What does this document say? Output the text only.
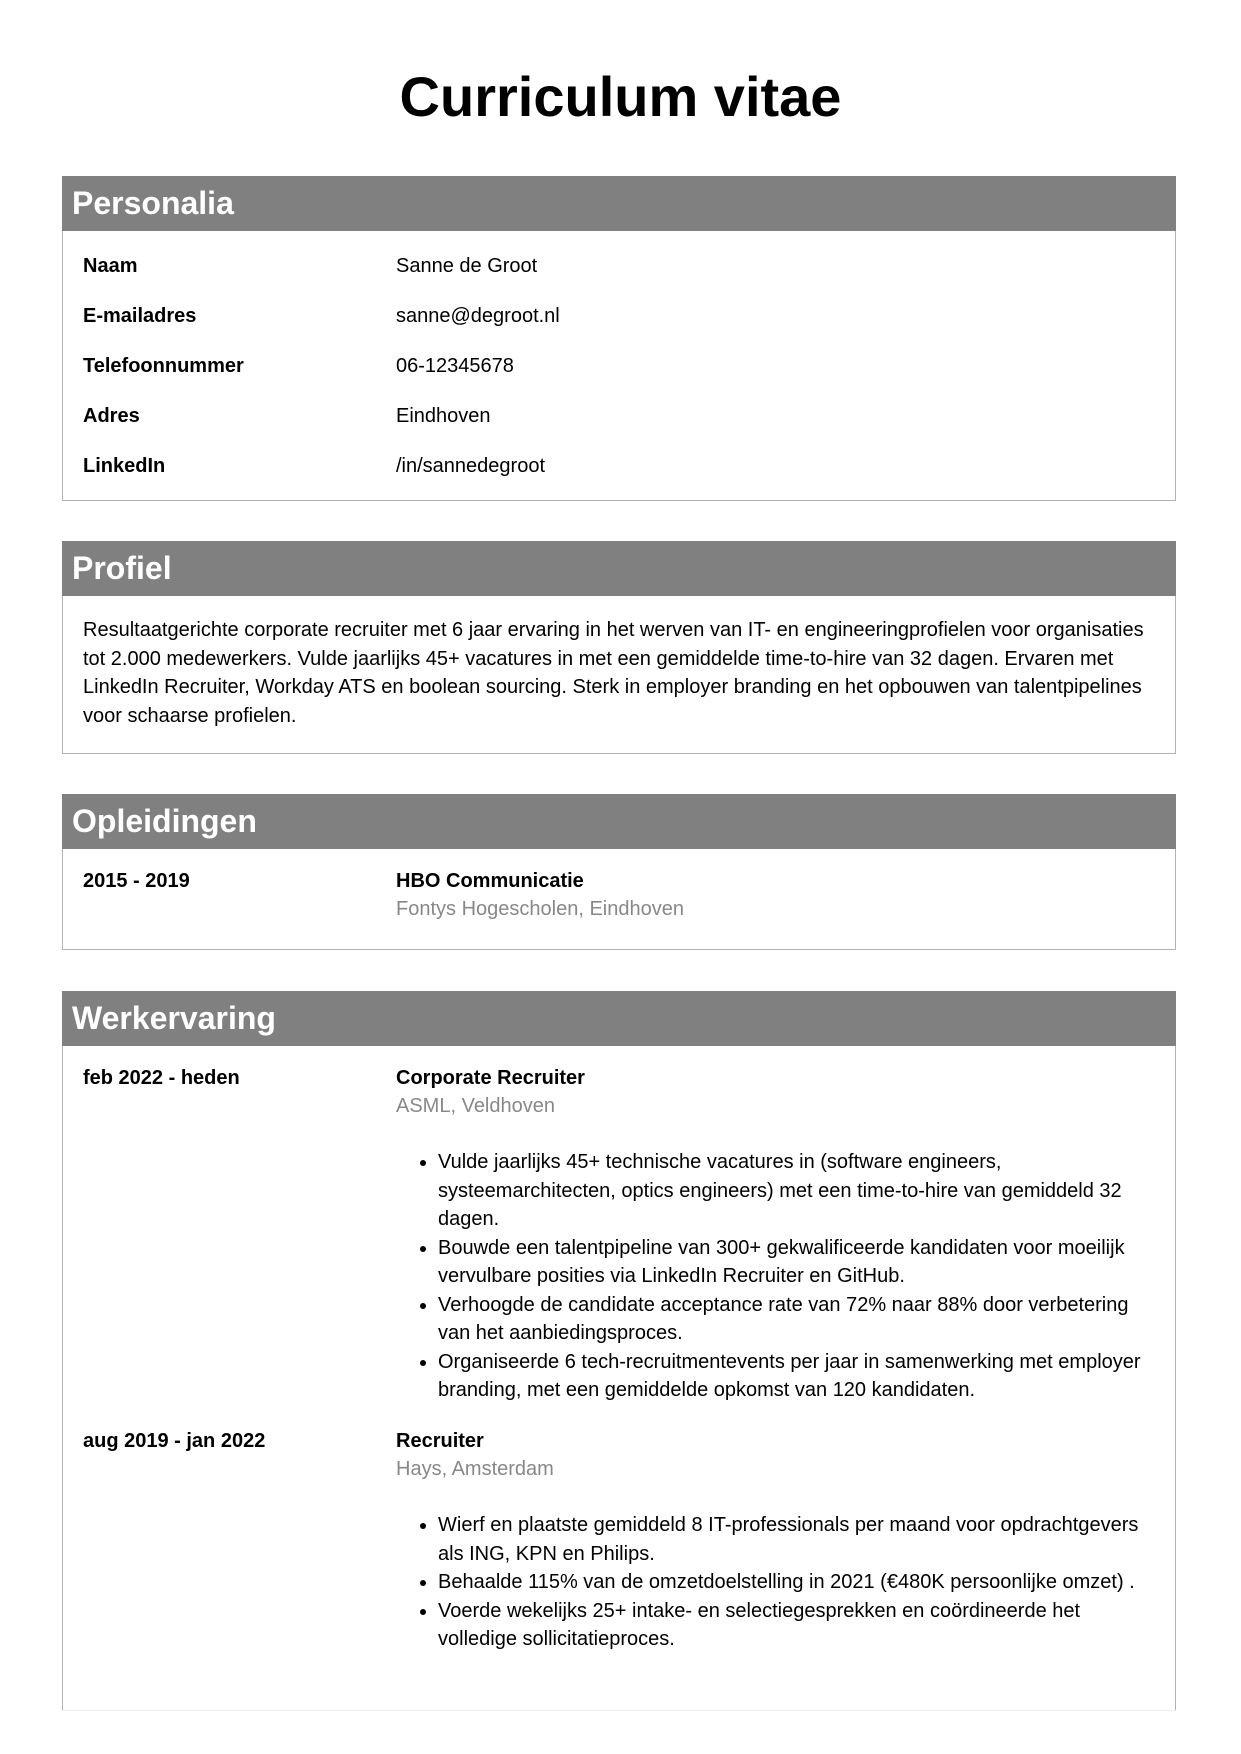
Curriculum vitae
Personalia
Naam	Sanne de Groot
E-mailadres	sanne@degroot.nl
Telefoonnummer	06-12345678
Adres	Eindhoven
LinkedIn	/in/sannedegroot
Profiel

Resultaatgerichte corporate recruiter met 6 jaar ervaring in het werven van IT- en engineeringprofielen voor organisaties tot 2.000 medewerkers. Vulde jaarlijks 45+ vacatures in met een gemiddelde time-to-hire van 32 dagen. Ervaren met LinkedIn Recruiter, Workday ATS en boolean sourcing. Sterk in employer branding en het opbouwen van talentpipelines voor schaarse profielen.

Opleidingen
2015 - 2019	HBO Communicatie
Fontys Hogescholen, Eindhoven
Werkervaring
feb 2022 - heden	Corporate Recruiter
ASML, Veldhoven
• Vulde jaarlijks 45+ technische vacatures in (software engineers, systeemarchitecten, optics engineers) met een time-to-hire van gemiddeld 32 dagen.
• Bouwde een talentpipeline van 300+ gekwalificeerde kandidaten voor moeilijk vervulbare posities via LinkedIn Recruiter en GitHub.
• Verhoogde de candidate acceptance rate van 72% naar 88% door verbetering van het aanbiedingsproces.
• Organiseerde 6 tech-recruitmentevents per jaar in samenwerking met employer branding, met een gemiddelde opkomst van 120 kandidaten.
aug 2019 - jan 2022	Recruiter
Hays, Amsterdam
• Wierf en plaatste gemiddeld 8 IT-professionals per maand voor opdrachtgevers als ING, KPN en Philips.
• Behaalde 115% van de omzetdoelstelling in 2021 (€480K persoonlijke omzet) .
• Voerde wekelijks 25+ intake- en selectiegesprekken en coördineerde het volledige sollicitatieproces.
